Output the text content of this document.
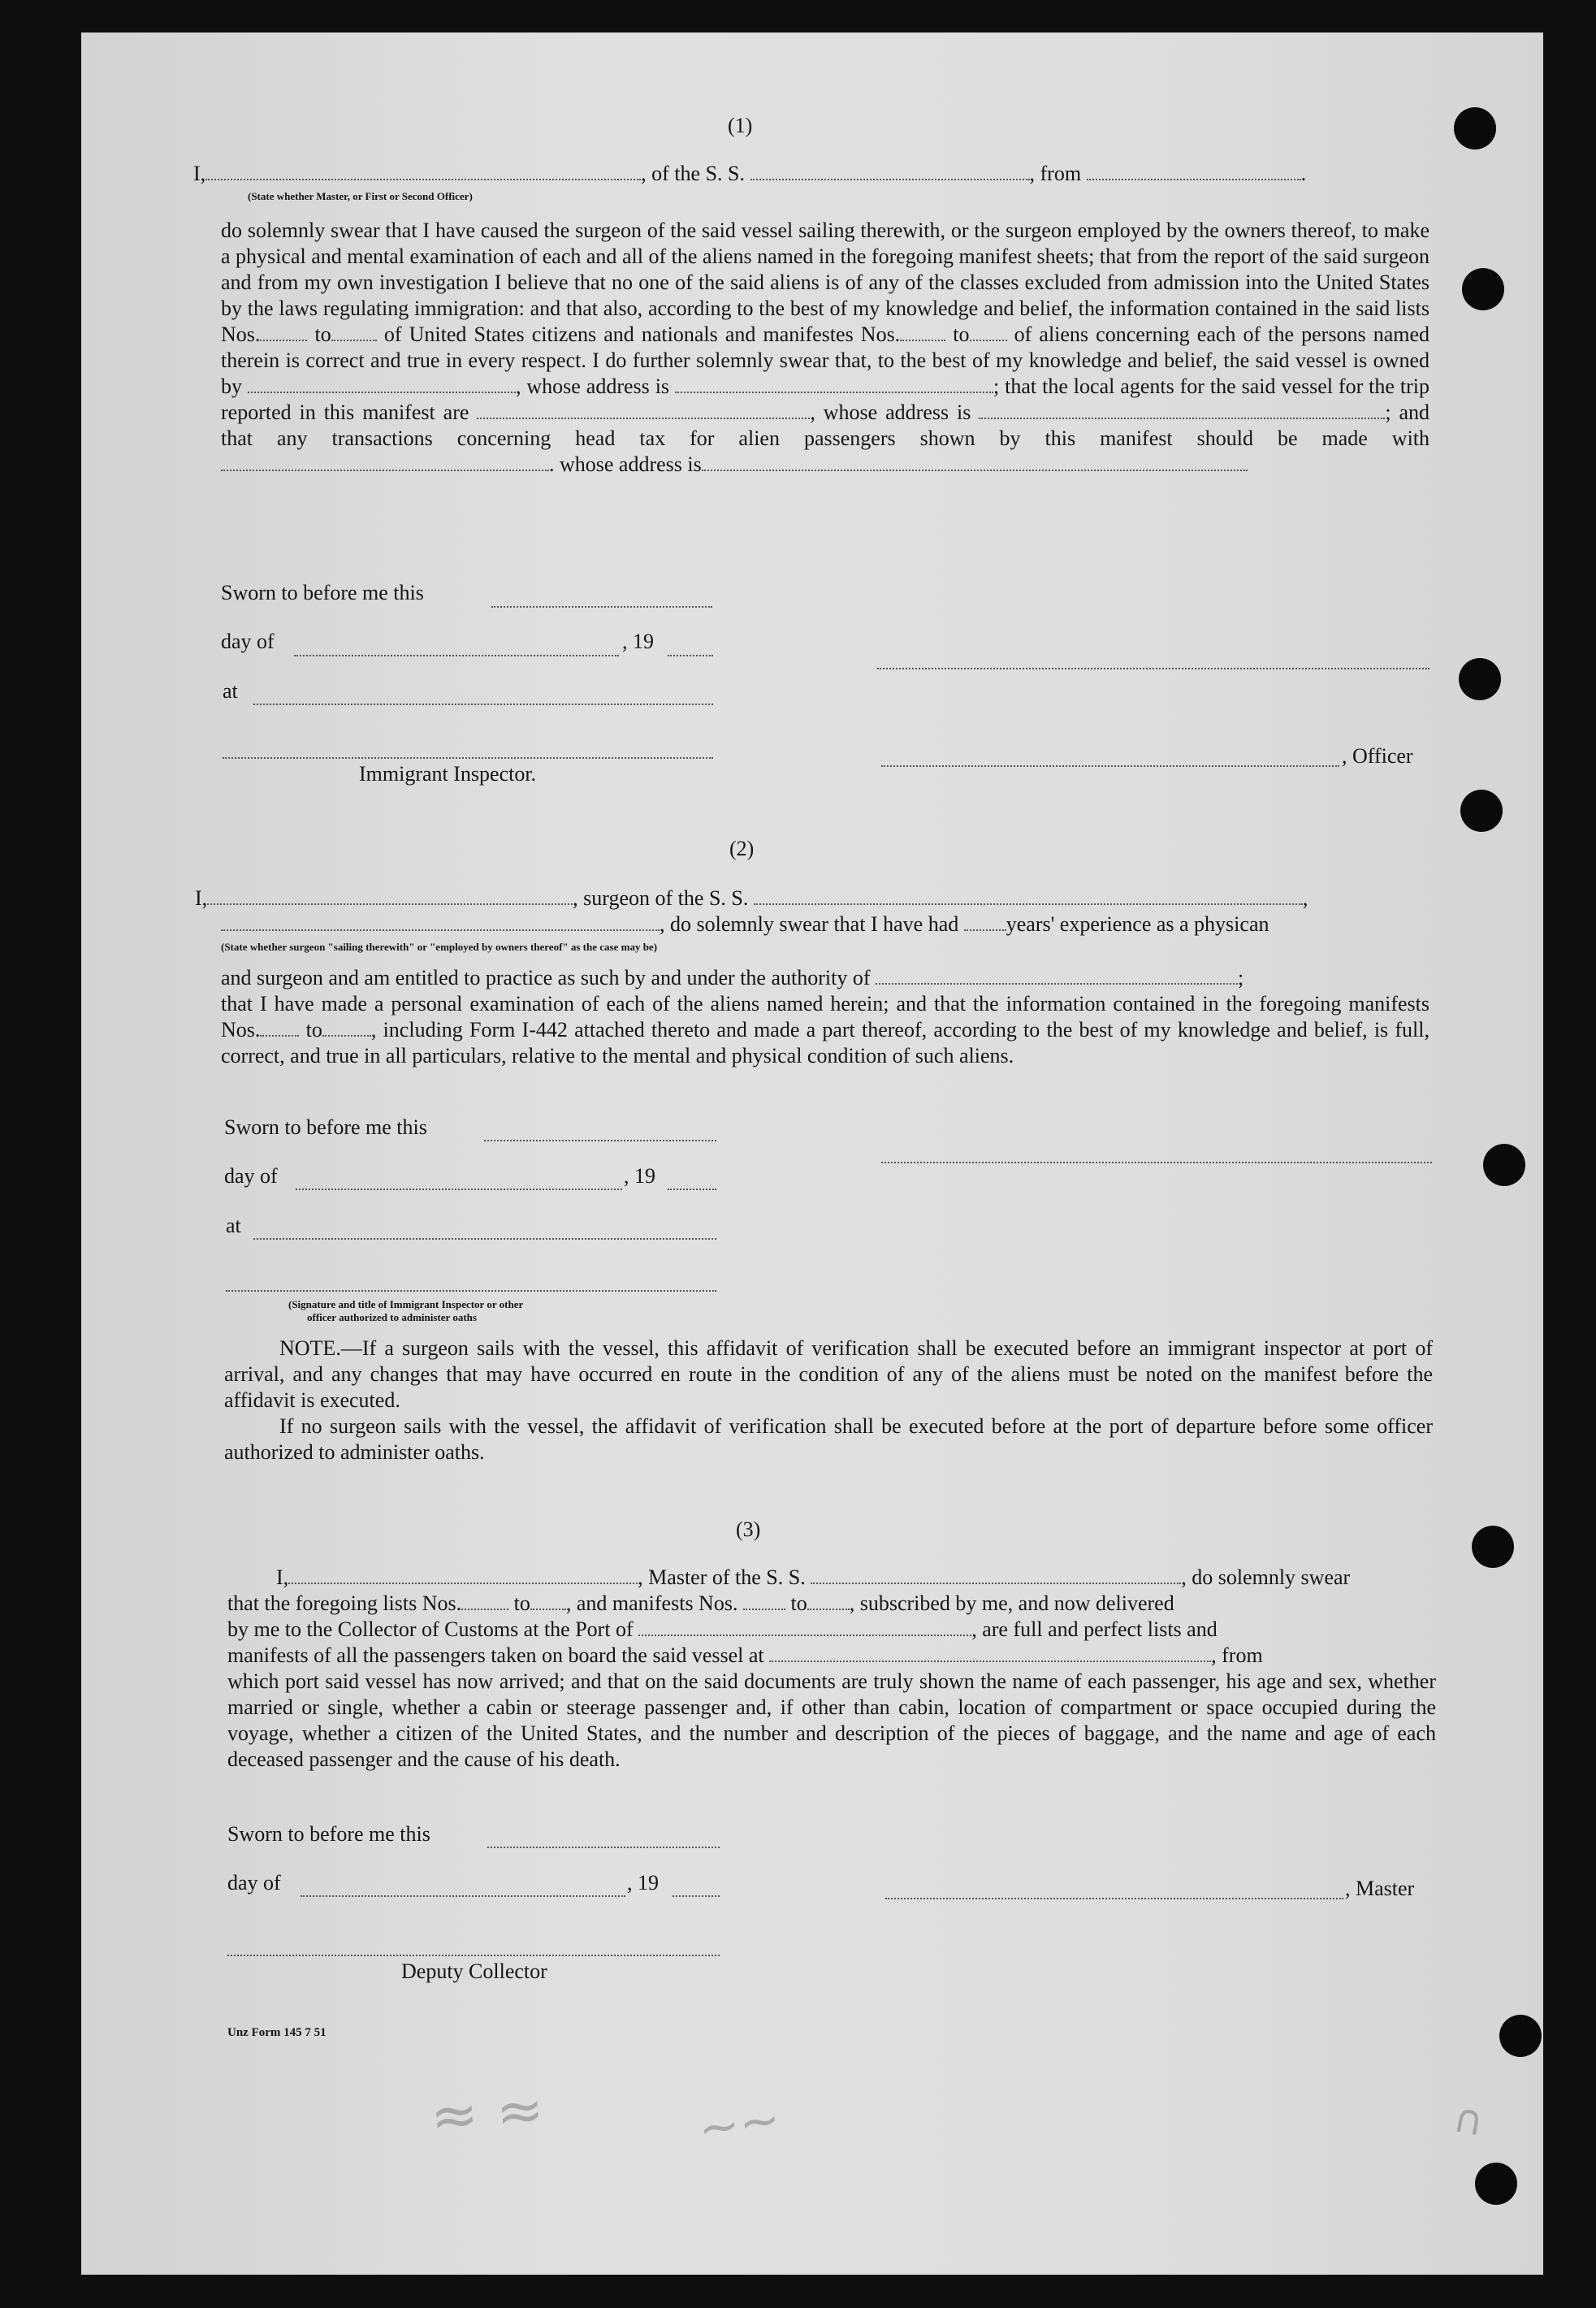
≈ ≈	∼∼	∩
(1)
I,	, of the S. S.	, from	.
(State whether Master, or First or Second Officer)
do solemnly swear that I have caused the surgeon of the said vessel sailing therewith, or the surgeon employed by the owners thereof, to make a physical and mental examination of each and all of the aliens named in the foregoing manifest sheets; that from the report of the said surgeon and from my own investigation I believe that no one of the said aliens is of any of the classes excluded from admission into the United States by the laws regulating immigration: and that also, according to the best of my knowledge and belief, the information contained in the said lists Nos.	to	of United States citizens and nationals and manifestes Nos.	to of aliens concerning each of the persons named therein is correct and true in every respect. I do further solemnly swear that, to the best of my knowledge and belief, the said vessel is owned by	, whose address is	; that the local agents for the said vessel for the trip reported in this manifest are	, whose address is	; and that any transactions concerning head tax for alien passengers shown by this manifest should be made with . whose address is
Sworn to before me this
day of	, 19
at
, Officer
Immigrant Inspector.
(2)
I,	, surgeon of the S. S.	,
, do solemnly swear that I have had years' experience as a physican
(State whether surgeon "sailing therewith" or "employed by owners thereof" as the case may be)
and surgeon and am entitled to practice as such by and under the authority of	;
that I have made a personal examination of each of the aliens named herein; and that the information contained in the foregoing manifests Nos. to , including Form I-442 attached thereto and made a part thereof, according to the best of my knowledge and belief, is full, correct, and true in all particulars, relative to the mental and physical condition of such aliens.
Sworn to before me this
day of	, 19
at
(Signature and title of Immigrant Inspector or other
officer authorized to administer oaths
NOTE.—If a surgeon sails with the vessel, this affidavit of verification shall be executed before an immigrant inspector at port of arrival, and any changes that may have occurred en route in the condition of any of the aliens must be noted on the manifest before the affidavit is executed.
If no surgeon sails with the vessel, the affidavit of verification shall be executed before at the port of departure before some officer authorized to administer oaths.
(3)
I,	, Master of the S. S.	, do solemnly swear
that the foregoing lists Nos. to , and manifests Nos.	to , subscribed by me, and now delivered
by me to the Collector of Customs at the Port of	, are full and perfect lists and
manifests of all the passengers taken on board the said vessel at	, from
which port said vessel has now arrived; and that on the said documents are truly shown the name of each passenger, his age and sex, whether married or single, whether a cabin or steerage passenger and, if other than cabin, location of compartment or space occupied during the voyage, whether a citizen of the United States, and the number and description of the pieces of baggage, and the name and age of each deceased passenger and the cause of his death.
Sworn to before me this
day of	, 19	, Master
Deputy Collector
Unz Form 145 7 51
